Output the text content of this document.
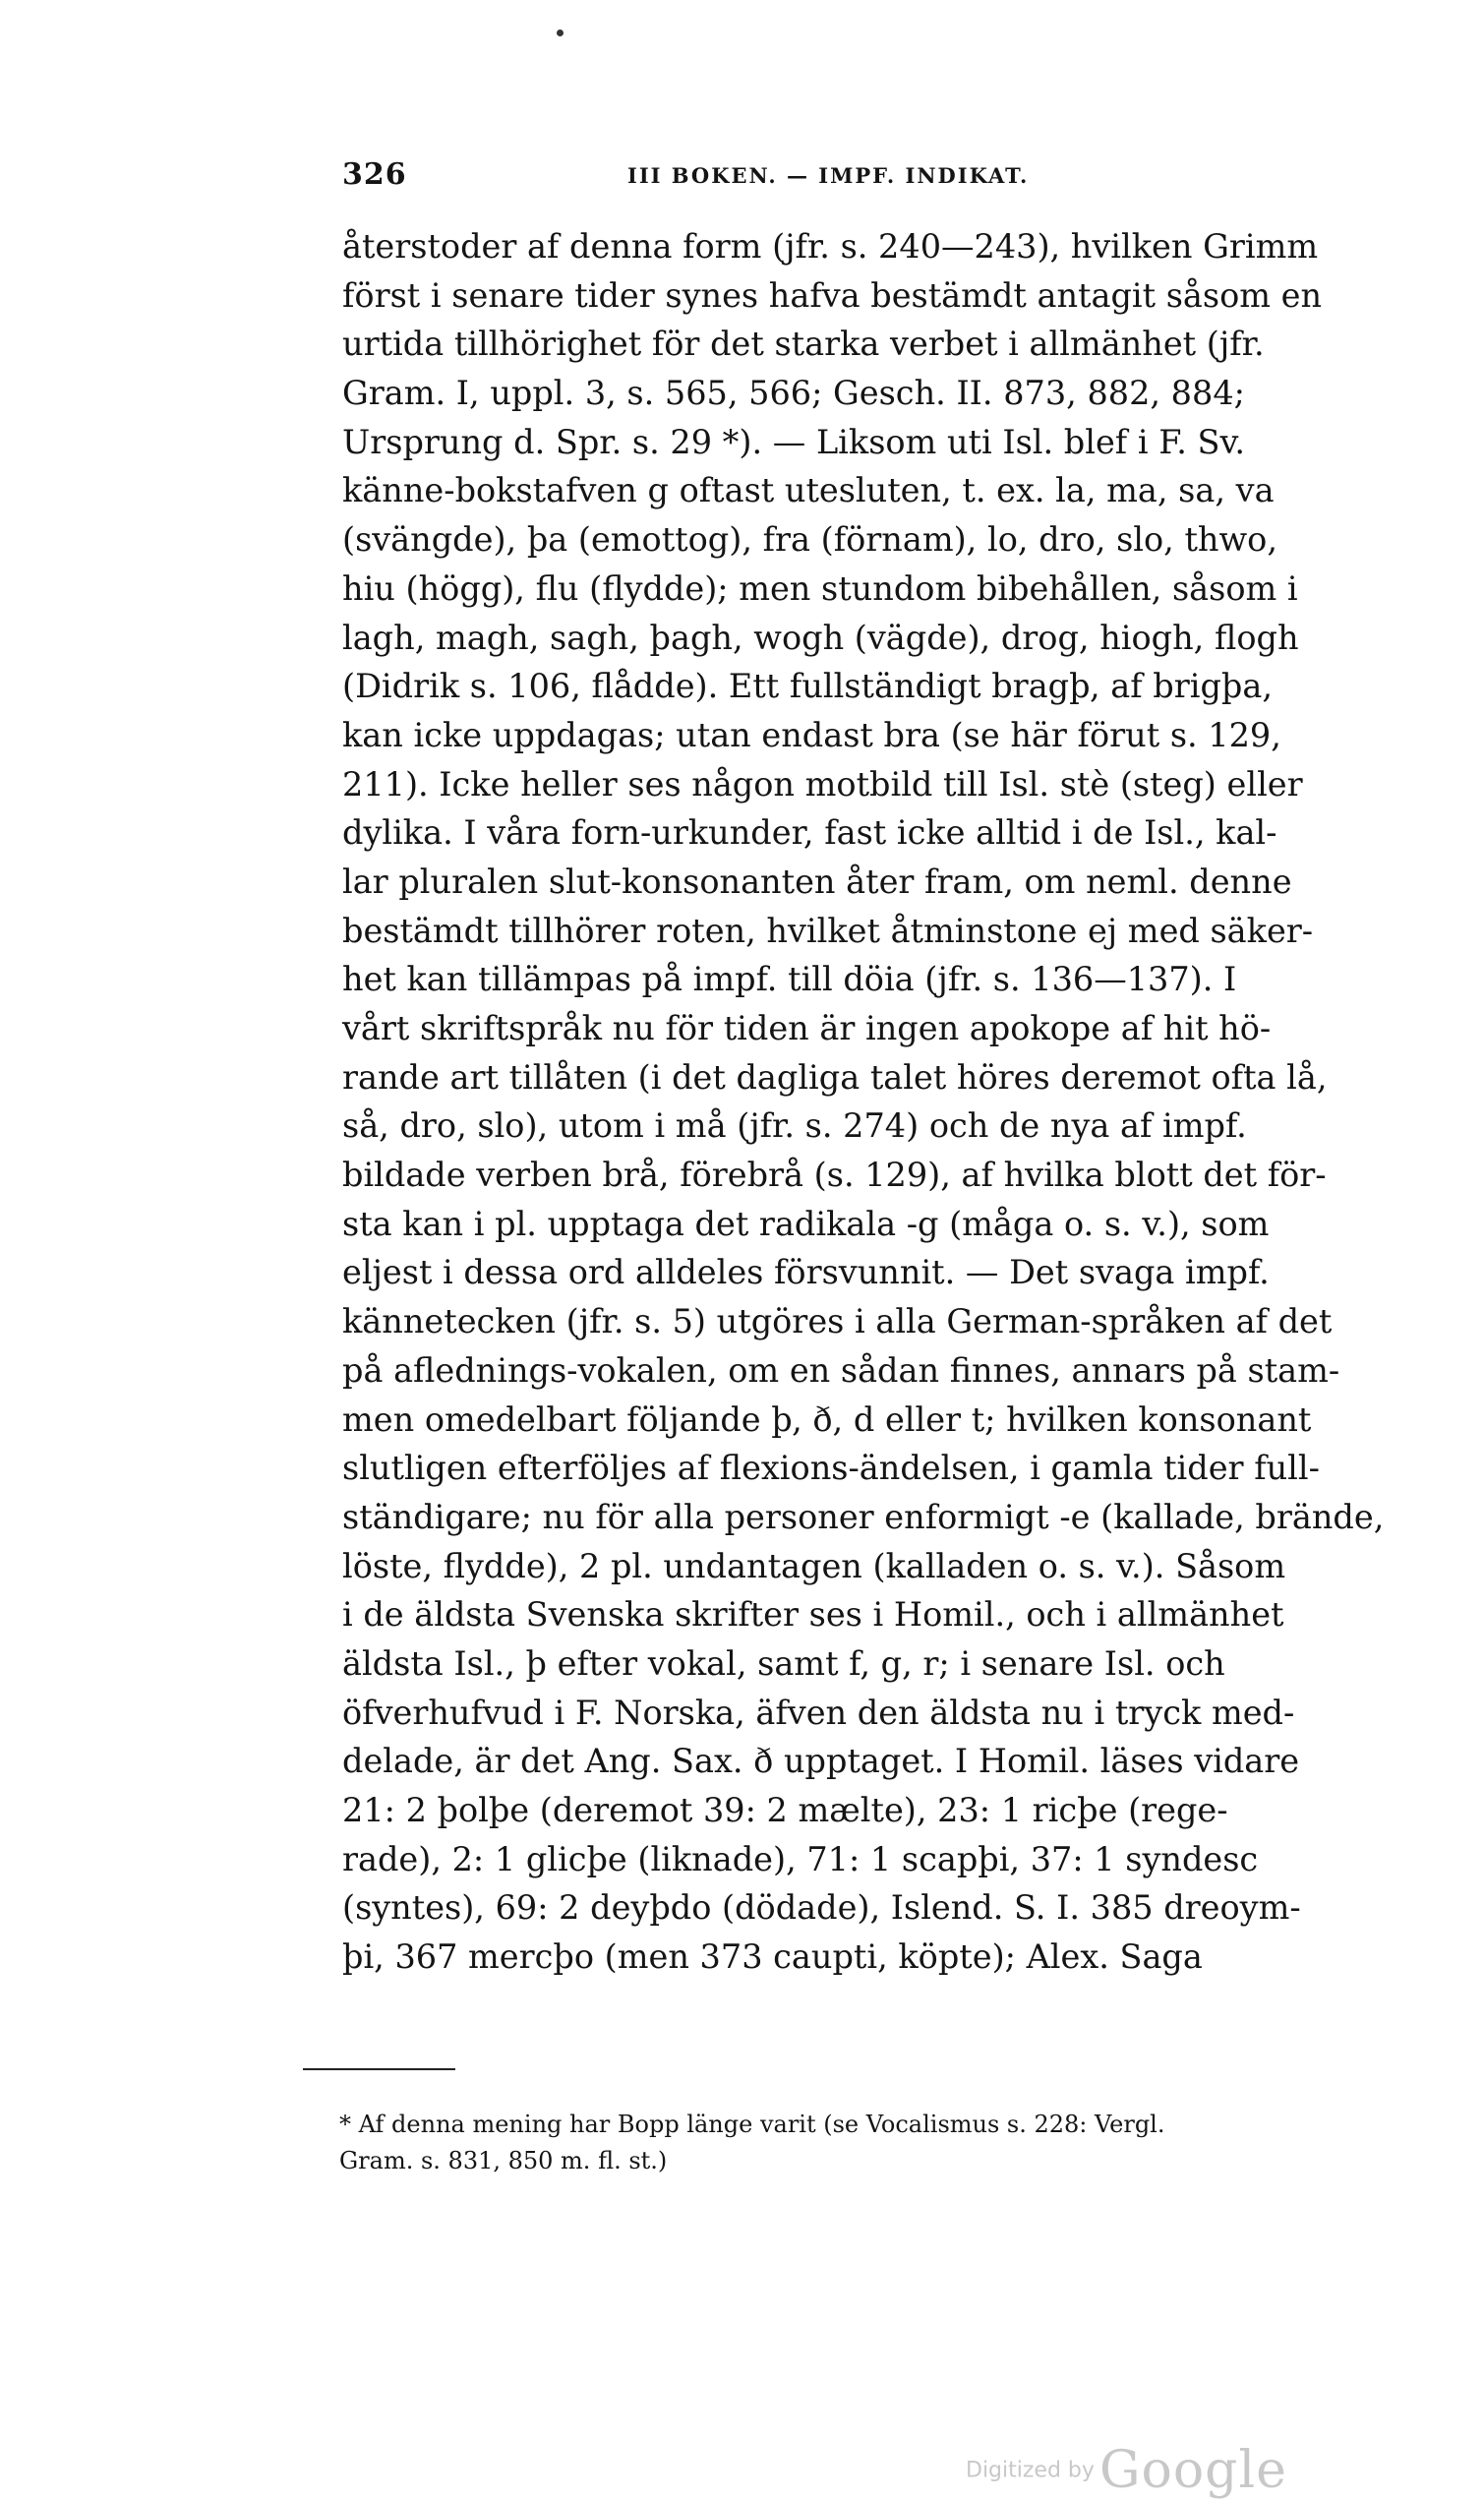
326	III BOKEN. — IMPF. INDIKAT.
återstoder af denna form (jfr. s. 240—243), hvilken Grimm
först i senare tider synes hafva bestämdt antagit såsom en
urtida tillhörighet för det starka verbet i allmänhet (jfr.
Gram. I, uppl. 3, s. 565, 566; Gesch. II. 873, 882, 884;
Ursprung d. Spr. s. 29 *). — Liksom uti Isl. blef i F. Sv.
känne-bokstafven g oftast utesluten, t. ex. la, ma, sa, va
(svängde), þa (emottog), fra (förnam), lo, dro, slo, thwo,
hiu (högg), flu (flydde); men stundom bibehållen, såsom i
lagh, magh, sagh, þagh, wogh (vägde), drog, hiogh, flogh
(Didrik s. 106, flådde). Ett fullständigt bragþ, af brigþa,
kan icke uppdagas; utan endast bra (se här förut s. 129,
211). Icke heller ses någon motbild till Isl. stè (steg) eller
dylika. I våra forn-urkunder, fast icke alltid i de Isl., kal-
lar pluralen slut-konsonanten åter fram, om neml. denne
bestämdt tillhörer roten, hvilket åtminstone ej med säker-
het kan tillämpas på impf. till döia (jfr. s. 136—137). I
vårt skriftspråk nu för tiden är ingen apokope af hit hö-
rande art tillåten (i det dagliga talet höres deremot ofta lå,
så, dro, slo), utom i må (jfr. s. 274) och de nya af impf.
bildade verben brå, förebrå (s. 129), af hvilka blott det för-
sta kan i pl. upptaga det radikala -g (måga o. s. v.), som
eljest i dessa ord alldeles försvunnit. — Det svaga impf.
kännetecken (jfr. s. 5) utgöres i alla German-språken af det
på aflednings-vokalen, om en sådan finnes, annars på stam-
men omedelbart följande þ, ð, d eller t; hvilken konsonant
slutligen efterföljes af flexions-ändelsen, i gamla tider full-
ständigare; nu för alla personer enformigt -e (kallade, brände,
löste, flydde), 2 pl. undantagen (kalladen o. s. v.). Såsom
i de äldsta Svenska skrifter ses i Homil., och i allmänhet
äldsta Isl., þ efter vokal, samt f, g, r; i senare Isl. och
öfverhufvud i F. Norska, äfven den äldsta nu i tryck med-
delade, är det Ang. Sax. ð upptaget. I Homil. läses vidare
21: 2 þolþe (deremot 39: 2 mælte), 23: 1 ricþe (rege-
rade), 2: 1 glicþe (liknade), 71: 1 scapþi, 37: 1 syndesc
(syntes), 69: 2 deyþdo (dödade), Islend. S. I. 385 dreoym-
þi, 367 mercþo (men 373 caupti, köpte); Alex. Saga
* Af denna mening har Bopp länge varit (se Vocalismus s. 228: Vergl.
Gram. s. 831, 850 m. fl. st.)
Digitized by Google
